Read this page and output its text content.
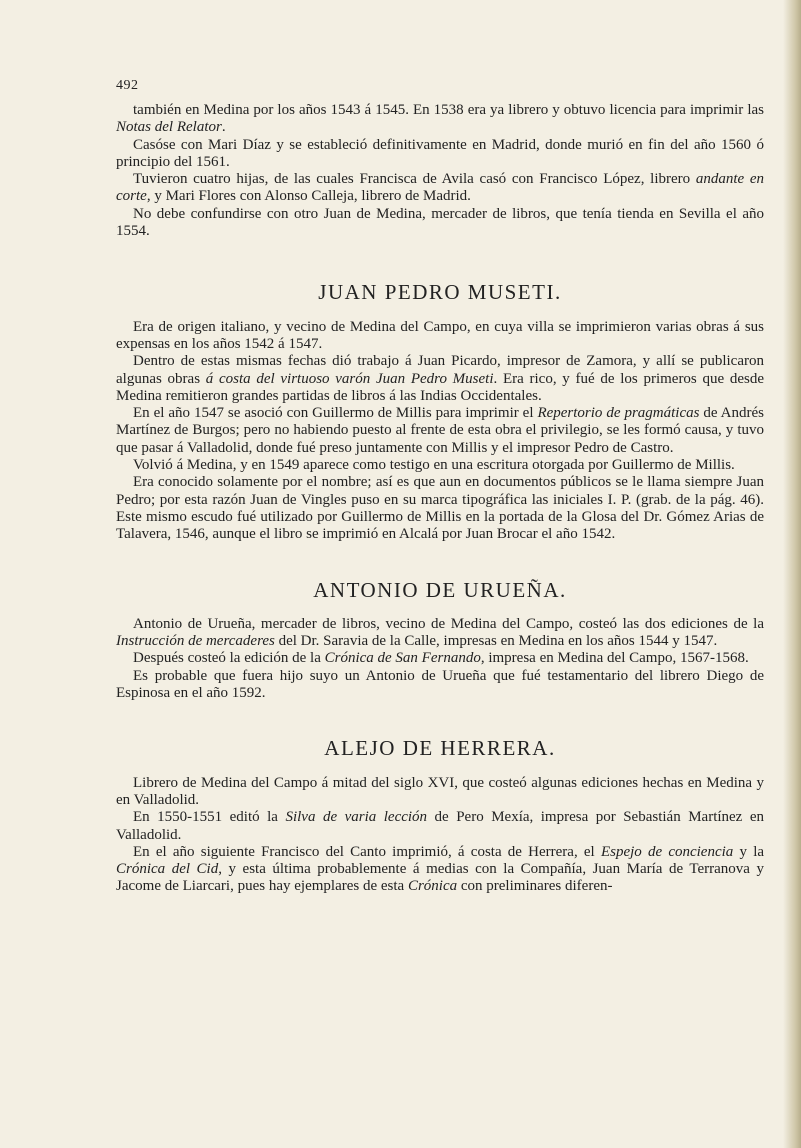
492

también en Medina por los años 1543 á 1545. En 1538 era ya librero y obtuvo licencia para imprimir las Notas del Relator.

Casóse con Mari Díaz y se estableció definitivamente en Madrid, donde murió en fin del año 1560 ó principio del 1561.

Tuvieron cuatro hijas, de las cuales Francisca de Avila casó con Francisco López, librero andante en corte, y Mari Flores con Alonso Calleja, librero de Madrid.

No debe confundirse con otro Juan de Medina, mercader de libros, que tenía tienda en Sevilla el año 1554.

JUAN PEDRO MUSETI.

Era de origen italiano, y vecino de Medina del Campo, en cuya villa se imprimieron varias obras á sus expensas en los años 1542 á 1547.

Dentro de estas mismas fechas dió trabajo á Juan Picardo, impresor de Zamora, y allí se publicaron algunas obras á costa del virtuoso varón Juan Pedro Museti. Era rico, y fué de los primeros que desde Medina remitieron grandes partidas de libros á las Indias Occidentales.

En el año 1547 se asoció con Guillermo de Millis para imprimir el Repertorio de pragmáticas de Andrés Martínez de Burgos; pero no habiendo puesto al frente de esta obra el privilegio, se les formó causa, y tuvo que pasar á Valladolid, donde fué preso juntamente con Millis y el impresor Pedro de Castro.

Volvió á Medina, y en 1549 aparece como testigo en una escritura otorgada por Guillermo de Millis.

Era conocido solamente por el nombre; así es que aun en documentos públicos se le llama siempre Juan Pedro; por esta razón Juan de Vingles puso en su marca tipográfica las iniciales I. P. (grab. de la pág. 46). Este mismo escudo fué utilizado por Guillermo de Millis en la portada de la Glosa del Dr. Gómez Arias de Talavera, 1546, aunque el libro se imprimió en Alcalá por Juan Brocar el año 1542.

ANTONIO DE URUEÑA.

Antonio de Urueña, mercader de libros, vecino de Medina del Campo, costeó las dos ediciones de la Instrucción de mercaderes del Dr. Saravia de la Calle, impresas en Medina en los años 1544 y 1547.

Después costeó la edición de la Crónica de San Fernando, impresa en Medina del Campo, 1567-1568.

Es probable que fuera hijo suyo un Antonio de Urueña que fué testamentario del librero Diego de Espinosa en el año 1592.

ALEJO DE HERRERA.

Librero de Medina del Campo á mitad del siglo XVI, que costeó algunas ediciones hechas en Medina y en Valladolid.

En 1550-1551 editó la Silva de varia lección de Pero Mexía, impresa por Sebastián Martínez en Valladolid.

En el año siguiente Francisco del Canto imprimió, á costa de Herrera, el Espejo de conciencia y la Crónica del Cid, y esta última probablemente á medias con la Compañía, Juan María de Terranova y Jacome de Liarcari, pues hay ejemplares de esta Crónica con preliminares diferen-
